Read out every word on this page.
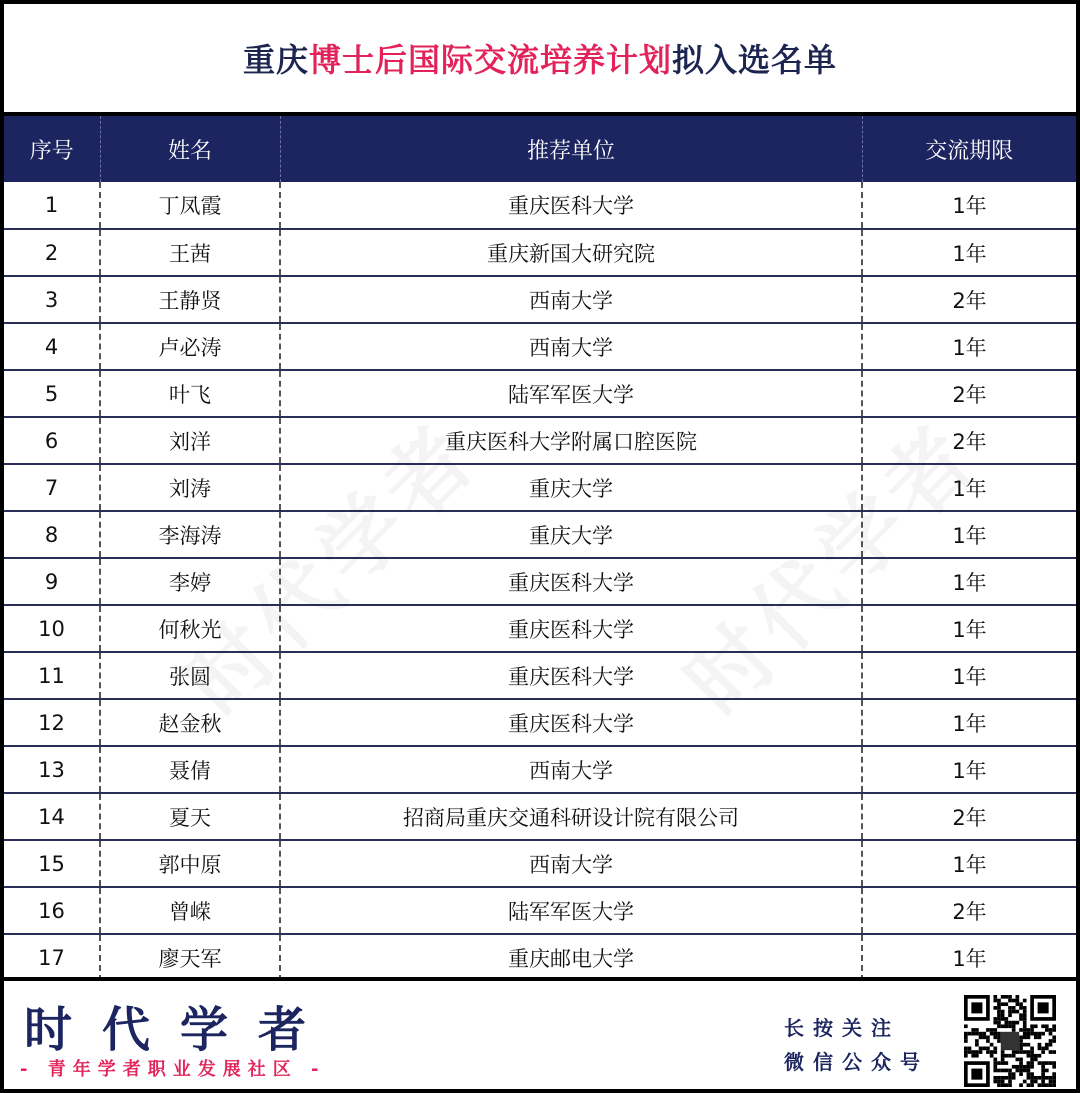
重庆博士后国际交流培养计划拟入选名单
序号	姓名	推荐单位	交流期限
1	丁凤霞	重庆医科大学	1年
2	王茜	重庆新国大研究院	1年
3	王静贤	西南大学	2年
4	卢必涛	西南大学	1年
5	叶飞	陆军军医大学	2年
6	刘洋	重庆医科大学附属口腔医院	2年
7	刘涛	重庆大学	1年
8	李海涛	重庆大学	1年
9	李婷	重庆医科大学	1年
10	何秋光	重庆医科大学	1年
11	张圆	重庆医科大学	1年
12	赵金秋	重庆医科大学	1年
13	聂倩	西南大学	1年
14	夏天	招商局重庆交通科研设计院有限公司	2年
15	郭中原	西南大学	1年
16	曾嵘	陆军军医大学	2年
17	廖天军	重庆邮电大学	1年
时代学者
- 青年学者职业发展社区 -
长按关注
微信公众号
